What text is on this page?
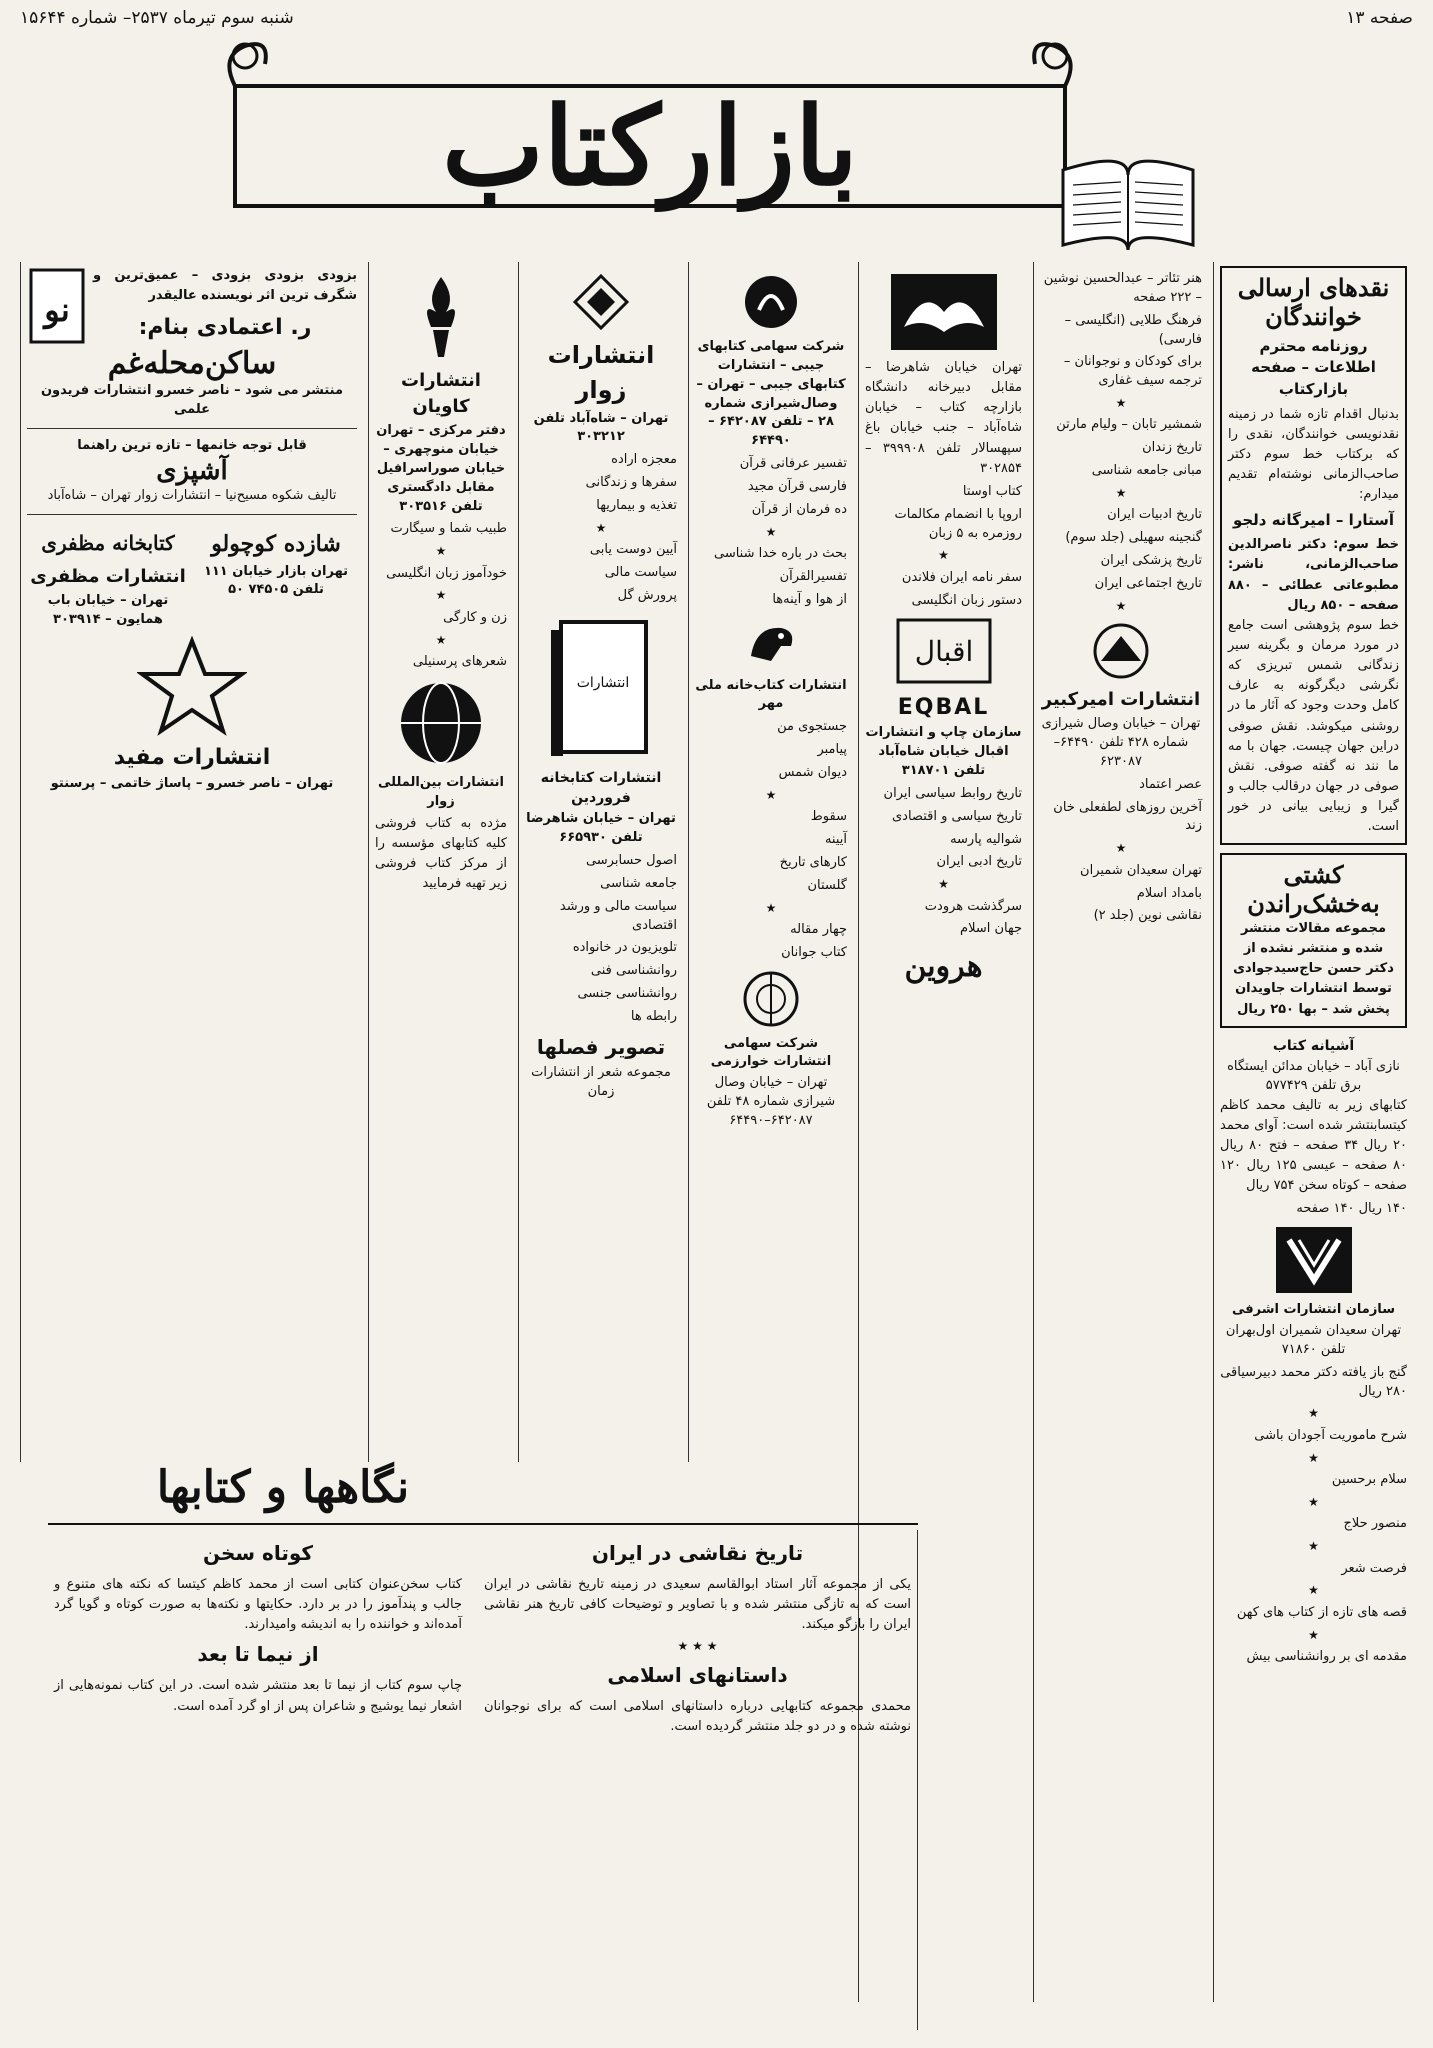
صفحه ۱۳
شنبه سوم تیرماه ۲۵۳۷– شماره ۱۵۶۴۴
بازارکتاب
نقدهای ارسالی خوانندگان
روزنامه محترم اطلاعات – صفحه بازارکتاب
بدنبال اقدام تازه شما در زمینه نقدنویسی خوانندگان، نقدی را که برکتاب خط سوم دکتر صاحب‌الزمانی نوشته‌ام تقدیم میدارم:
آستارا – امیرگانه دلجو
خط سوم: دکتر ناصرالدین صاحب‌الزمانی، ناشر: مطبوعاتی عطائی – ۸۸۰ صفحه – ۸۵۰ ریال
خط سوم پژوهشی است جامع در مورد مرمان و بگرینه سیر زندگانی شمس تبریزی که نگرشی دیگرگونه به عارف کامل وحدت وجود که آثار ما در روشنی میکوشد. نقش صوفی دراین جهان چیست. جهان با مه ما نند نه گفته صوفی. نقش صوفی در جهان درقالب جالب و گیرا و زیبایی بیانی در خور است.
کشتی به‌خشک‌راندن
مجموعه مقالات منتشر شده و منتشر نشده از دکتر حسن حاج‌سیدجوادی توسط انتشارات جاویدان پخش شد – بها ۲۵۰ ریال
آشیانه کتاب
نازی آباد – خیابان مدائن ایستگاه برق تلفن ۵۷۷۴۲۹
کتابهای زیر به تالیف محمد کاظم کیتسابنتشر شده است: آوای محمد ۲۰ ریال ۳۴ صفحه – فتح ۸۰ ریال ۸۰ صفحه – عیسی ۱۲۵ ریال ۱۲۰ صفحه – کوتاه سخن ۷۵۴ ریال
۱۴۰ ریال ۱۴۰ صفحه
سازمان انتشارات اشرفی
تهران سعیدان شمیران اول‌بهران تلفن ۷۱۸۶۰
گنج باز یافته دکتر محمد دبیرسیاقی ۲۸۰ ریال
★
شرح ماموریت آجودان باشی
★
سلام برحسین
★
منصور حلاج
★
فرصت شعر
★
قصه های تازه از کتاب های کهن
★
مقدمه ای بر روانشناسی بیش
هنر تئاتر – عبدالحسین نوشین – ۲۲۲ صفحه
فرهنگ طلایی (انگلیسی – فارسی)
برای کودکان و نوجوانان – ترجمه سیف غفاری
★
شمشیر تابان – ولیام مارتن
تاریخ زندان
مبانی جامعه شناسی
★
تاریخ ادبیات ایران
گنجینه سهیلی (جلد سوم)
تاریخ پزشکی ایران
تاریخ اجتماعی ایران
★
انتشارات امیرکبیر
تهران – خیابان وصال شیرازی شماره ۴۲۸ تلفن ۶۴۴۹۰–۶۲۳۰۸۷
عصر اعتماد
آخرین روزهای لطفعلی خان زند
★
تهران سعیدان شمیران
بامداد اسلام
نقاشی نوین (جلد ۲)
تهران خیابان شاهرضا – مقابل دبیرخانه دانشگاه بازارچه کتاب – خیابان شاه‌آباد – جنب خیابان باغ سپهسالار تلفن ۳۹۹۹۰۸ – ۳۰۲۸۵۴
کتاب اوستا
اروپا با انضمام مکالمات روزمره به ۵ زبان
★
سفر نامه ایران فلاندن
دستور زبان انگلیسی
اقبال
EQBAL
سازمان چاپ و انتشارات اقبال خیابان شاه‌آباد تلفن ۳۱۸۷۰۱
تاریخ روابط سیاسی ایران
تاریخ سیاسی و اقتصادی
شوالیه پارسه
تاریخ ادبی ایران
★
سرگذشت هرودت
جهان اسلام
هروین
شرکت سهامی کتابهای جیبی – انتشارات کتابهای جیبی – تهران – وصال‌شیرازی شماره ۲۸ – تلفن ۶۴۲۰۸۷ – ۶۴۴۹۰
تفسیر عرفانی قرآن
فارسی قرآن مجید
ده فرمان از قرآن
★
بحث در باره خدا شناسی
تفسیرالقرآن
از هوا و آینه‌ها
انتشارات کتاب‌خانه ملی مهر
جستجوی من
پیامبر
دیوان شمس
★
سقوط
آیینه
کارهای تاریخ
گلستان
★
چهار مقاله
کتاب جوانان
شرکت سهامی انتشارات خوارزمی
تهران – خیابان وصال شیرازی شماره ۴۸ تلفن ۶۴۲۰۸۷–۶۴۴۹۰
انتشارات زوار
تهران – شاه‌آباد تلفن ۳۰۳۲۱۲
معجزه اراده
سفرها و زندگانی
تغذیه و بیماریها
★
آیین دوست یابی
سیاست مالی
پرورش گل
انتشارات
انتشارات کتابخانه فروردین
تهران – خیابان شاهرضا تلفن ۶۶۵۹۳۰
اصول حسابرسی
جامعه شناسی
سیاست مالی و ورشد اقتصادی
تلویزیون در خانواده
روانشناسی فنی
روانشناسی جنسی
رابطه ها
تصویر فصلها
مجموعه شعر از انتشارات زمان
انتشارات کاویان
دفتر مرکزی – تهران خیابان منوچهری – خیابان صوراسرافیل مقابل دادگستری تلفن ۳۰۳۵۱۶
طبیب شما و سیگارت
★
خودآموز زبان انگلیسی
★
زن و کارگی
★
شعرهای پرسنیلی
انتشارات بین‌المللی زوار
مژده به کتاب فروشی کلیه کتابهای مؤسسه را از مرکز کتاب فروشی زیر تهیه فرمایید
نو
بزودی بزودی بزودی – عمیق‌ترین و شگرف ترین اثر نویسنده عالیقدر
ر. اعتمادی بنام:
ساکن‌محله‌غم
منتشر می شود – ناصر خسرو انتشارات فریدون علمی
قابل توجه خانمها – تازه ترین راهنما
آشپزی
تالیف شکوه مسیح‌نیا – انتشارات زوار تهران – شاه‌آباد
شازده کوچولو
تهران بازار خیابان ۱۱۱ تلفن ۷۴۵۰۵ ۵۰
کتابخانه مظفری
انتشارات مظفری
تهران – خیابان باب همایون – ۳۰۳۹۱۴
انتشارات مفید
تهران – ناصر خسرو – پاساژ خاتمی – پرسنتو
نگاهها و کتابها
کوتاه سخن
کتاب سخن‌عنوان کتابی است از محمد کاظم کیتسا که نکته های متنوع و جالب و پندآموز را در بر دارد. حکایتها و نکته‌ها به صورت کوتاه و گویا گرد آمده‌اند و خواننده را به اندیشه وامیدارند.
از نیما تا بعد
چاپ سوم کتاب از نیما تا بعد منتشر شده است. در این کتاب نمونه‌هایی از اشعار نیما یوشیج و شاعران پس از او گرد آمده است.
تاریخ نقاشی در ایران
یکی از مجموعه آثار استاد ابوالقاسم سعیدی در زمینه تاریخ نقاشی در ایران است که به تازگی منتشر شده و با تصاویر و توضیحات کافی تاریخ هنر نقاشی ایران را بازگو میکند.
★ ★ ★
داستانهای اسلامی
محمدی مجموعه کتابهایی درباره داستانهای اسلامی است که برای نوجوانان نوشته شده و در دو جلد منتشر گردیده است.
